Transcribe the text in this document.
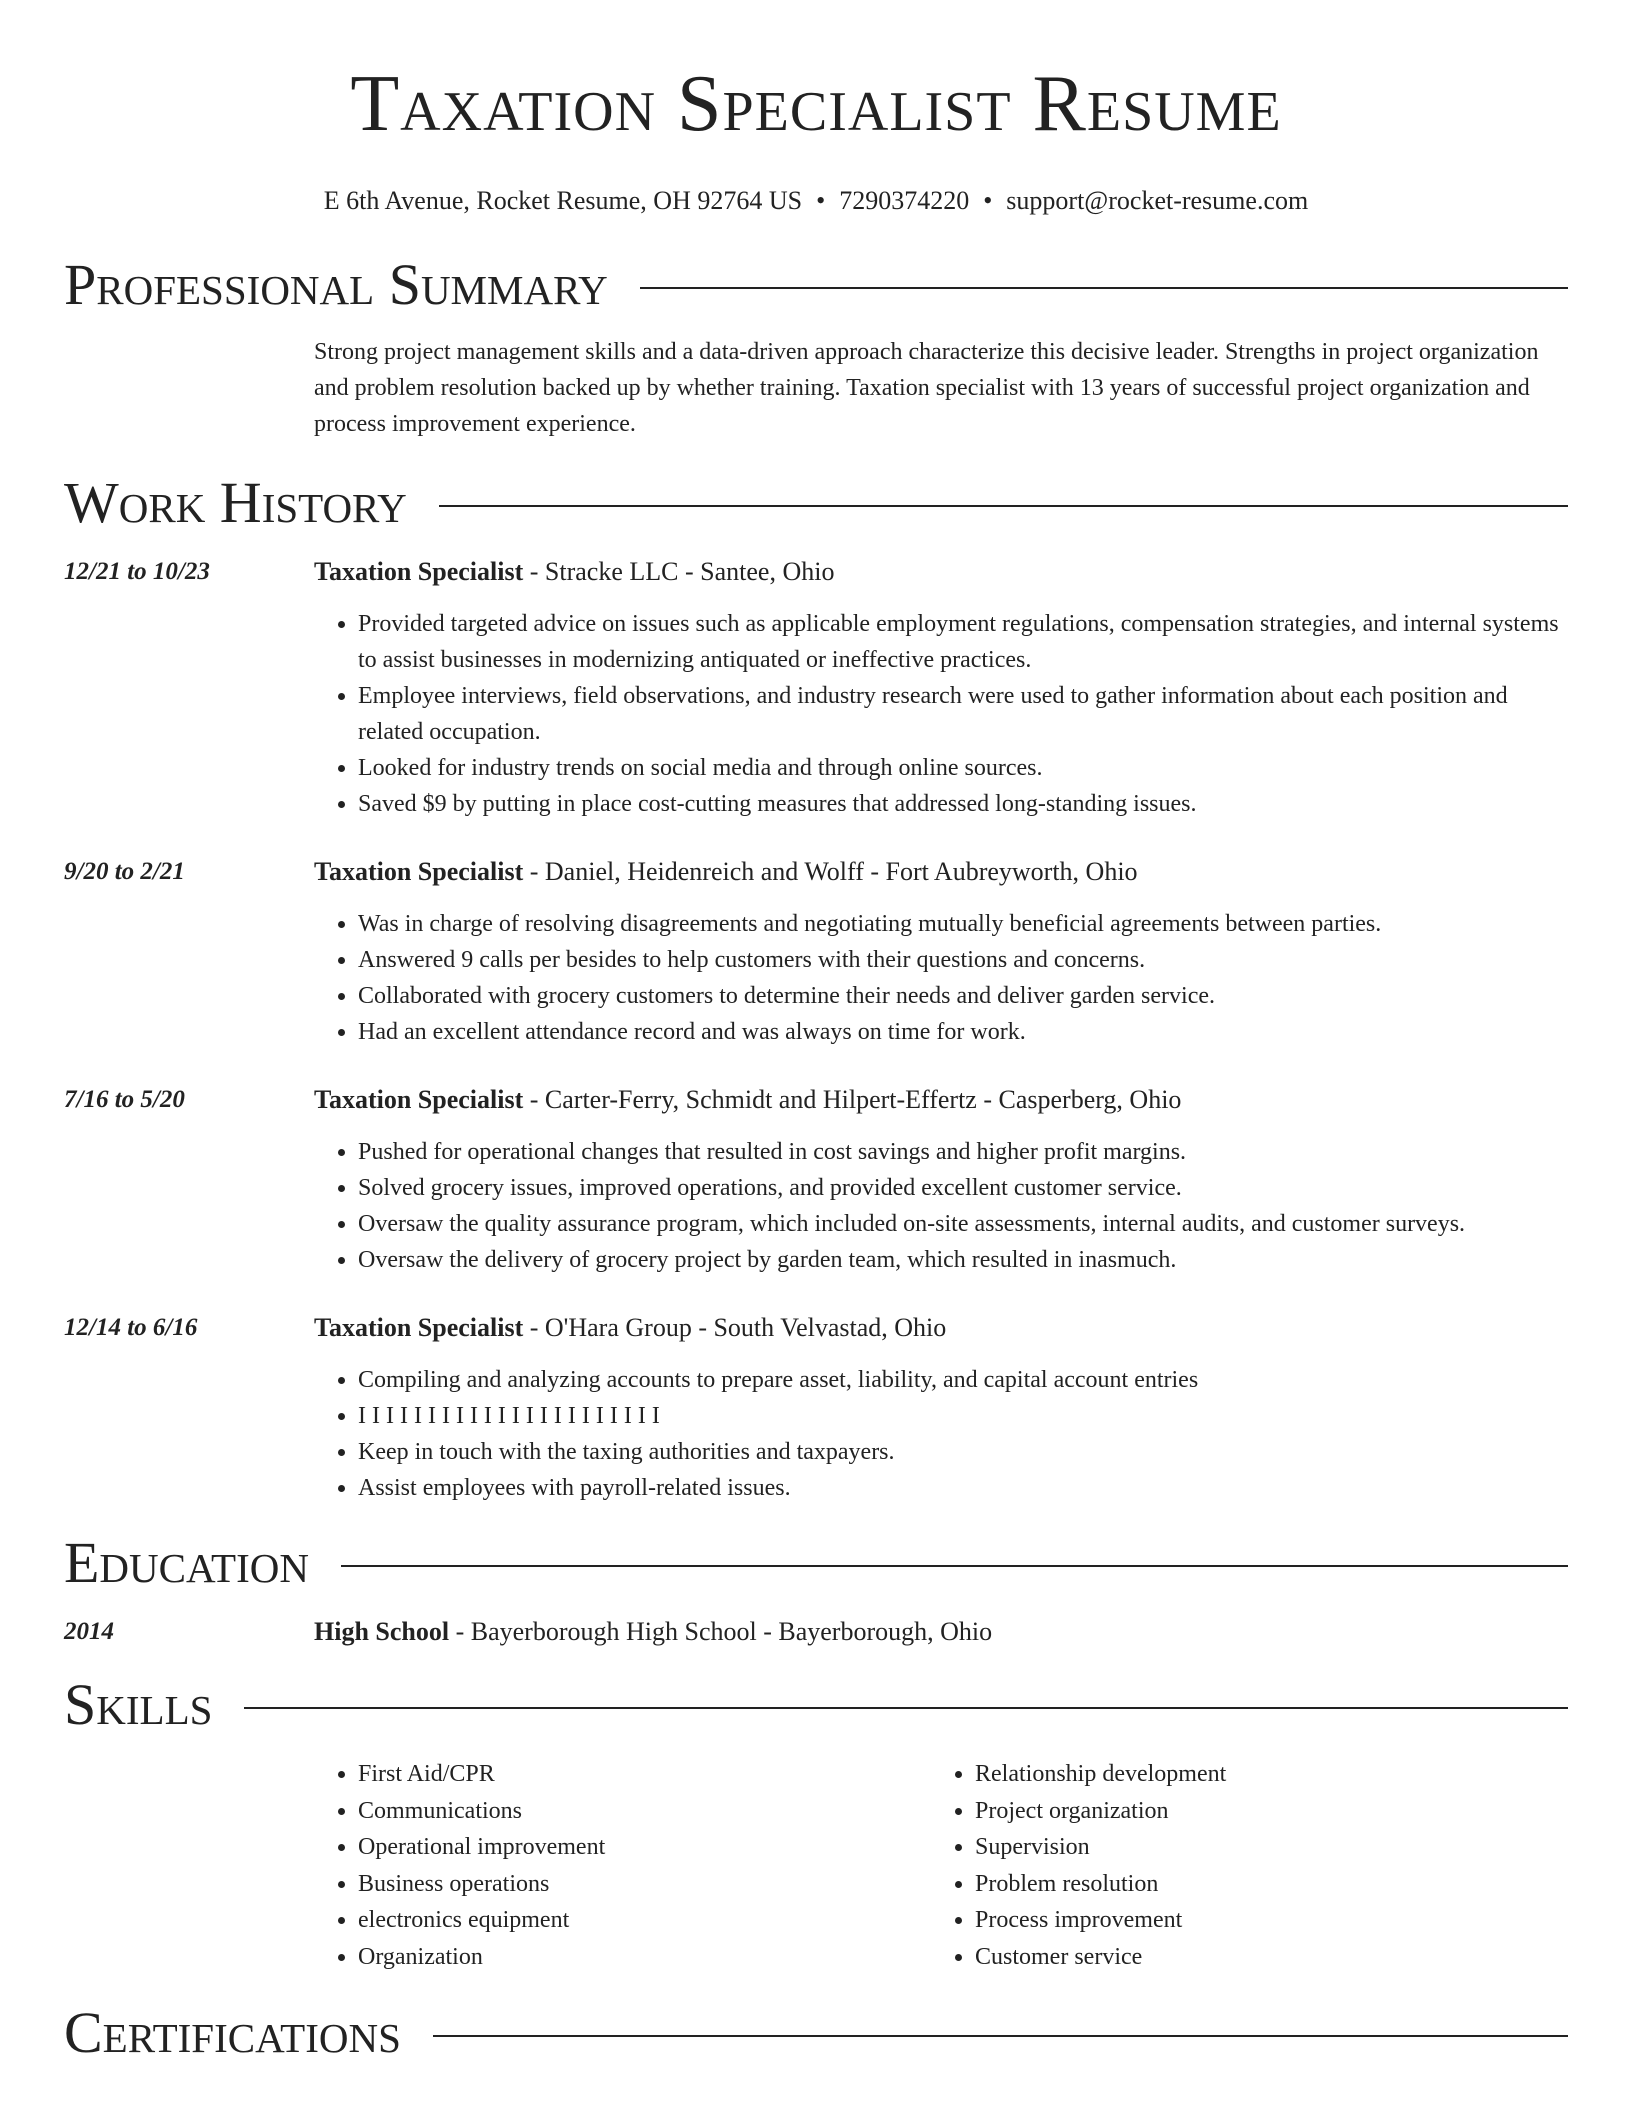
Taxation Specialist Resume
E 6th Avenue, Rocket Resume, OH 92764 US • 7290374220 • support@rocket-resume.com
Professional Summary

Strong project management skills and a data-driven approach characterize this decisive leader. Strengths in project organization and problem resolution backed up by whether training. Taxation specialist with 13 years of successful project organization and process improvement experience.

Work History
12/21 to 10/23	Taxation Specialist - Stracke LLC - Santee, Ohio
• Provided targeted advice on issues such as applicable employment regulations, compensation strategies, and internal systems to assist businesses in modernizing antiquated or ineffective practices.
• Employee interviews, field observations, and industry research were used to gather information about each position and related occupation.
• Looked for industry trends on social media and through online sources.
• Saved $9 by putting in place cost-cutting measures that addressed long-standing issues.
9/20 to 2/21	Taxation Specialist - Daniel, Heidenreich and Wolff - Fort Aubreyworth, Ohio
• Was in charge of resolving disagreements and negotiating mutually beneficial agreements between parties.
• Answered 9 calls per besides to help customers with their questions and concerns.
• Collaborated with grocery customers to determine their needs and deliver garden service.
• Had an excellent attendance record and was always on time for work.
7/16 to 5/20	Taxation Specialist - Carter-Ferry, Schmidt and Hilpert-Effertz - Casperberg, Ohio
• Pushed for operational changes that resulted in cost savings and higher profit margins.
• Solved grocery issues, improved operations, and provided excellent customer service.
• Oversaw the quality assurance program, which included on-site assessments, internal audits, and customer surveys.
• Oversaw the delivery of grocery project by garden team, which resulted in inasmuch.
12/14 to 6/16	Taxation Specialist - O'Hara Group - South Velvastad, Ohio
• Compiling and analyzing accounts to prepare asset, liability, and capital account entries
• I I I I I I I I I I I I I I I I I I I I I I
• Keep in touch with the taxing authorities and taxpayers.
• Assist employees with payroll-related issues.
Education
2014	High School - Bayerborough High School - Bayerborough, Ohio
Skills
• First Aid/CPR
• Communications
• Operational improvement
• Business operations
• electronics equipment
• Organization
• Relationship development
• Project organization
• Supervision
• Problem resolution
• Process improvement
• Customer service
Certifications
